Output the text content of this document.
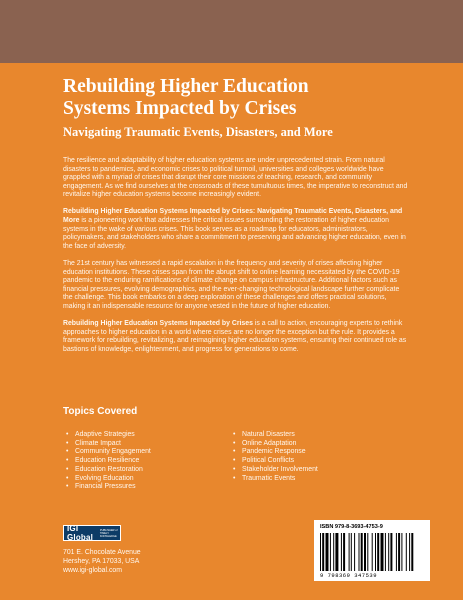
Rebuilding Higher Education
Systems Impacted by Crises
Navigating Traumatic Events, Disasters, and More

The resilience and adaptability of higher education systems are under unprecedented strain. From natural disasters to pandemics, and economic crises to political turmoil, universities and colleges worldwide have grappled with a myriad of crises that disrupt their core missions of teaching, research, and community engagement. As we find ourselves at the crossroads of these tumultuous times, the imperative to reconstruct and revitalize higher education systems become increasingly evident.

Rebuilding Higher Education Systems Impacted by Crises: Navigating Traumatic Events, Disasters, and More is a pioneering work that addresses the critical issues surrounding the restoration of higher education systems in the wake of various crises. This book serves as a roadmap for educators, administrators, policymakers, and stakeholders who share a commitment to preserving and advancing higher education, even in the face of adversity.

The 21st century has witnessed a rapid escalation in the frequency and severity of crises affecting higher education institutions. These crises span from the abrupt shift to online learning necessitated by the COVID-19 pandemic to the enduring ramifications of climate change on campus infrastructure. Additional factors such as financial pressures, evolving demographics, and the ever-changing technological landscape further complicate the challenge. This book embarks on a deep exploration of these challenges and offers practical solutions, making it an indispensable resource for anyone vested in the future of higher education.

Rebuilding Higher Education Systems Impacted by Crises is a call to action, encouraging experts to rethink approaches to higher education in a world where crises are no longer the exception but the rule. It provides a framework for rebuilding, revitalizing, and reimagining higher education systems, ensuring their continued role as bastions of knowledge, enlightenment, and progress for generations to come.

Topics Covered
• Adaptive Strategies
• Climate Impact
• Community Engagement
• Education Resilience
• Education Restoration
• Evolving Education
• Financial Pressures
• Natural Disasters
• Online Adaptation
• Pandemic Response
• Political Conflicts
• Stakeholder Involvement
• Traumatic Events
IGI Global
PUBLISHER of TIMELY KNOWLEDGE
701 E. Chocolate Avenue
Hershey, PA 17033, USA
www.igi-global.com
ISBN 979-8-3693-4753-9
9 798369 347539
